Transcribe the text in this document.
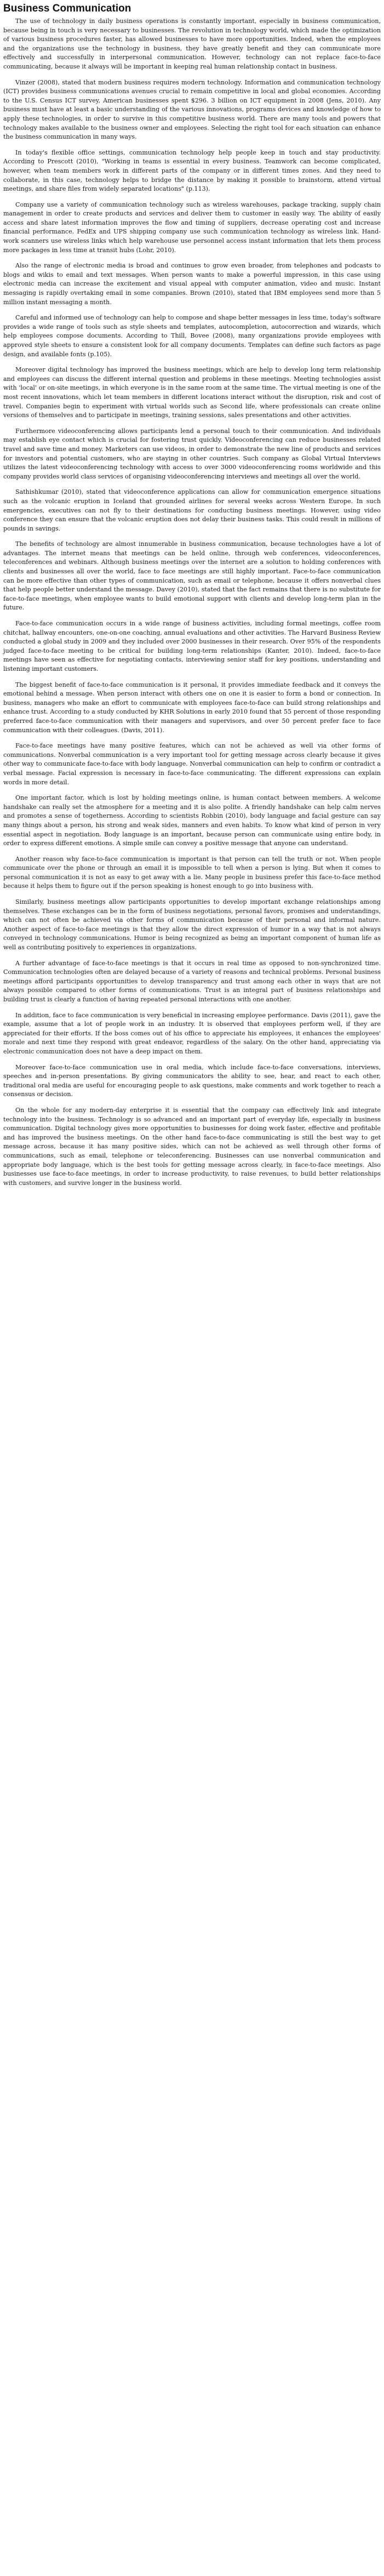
Business Communication

The use of technology in daily business operations is constantly important, especially in business communication, because being in touch is very necessary to businesses. The revolution in technology world, which made the optimization of various business procedures faster, has allowed businesses to have more opportunities. Indeed, when the employees and the organizations use the technology in business, they have greatly benefit and they can communicate more effectively and successfully in interpersonal communication. However, technology can not replace face-to-face communicating, because it always will be important in keeping real human relationship contact in business.

Vinzer (2008), stated that modern business requires modern technology. Information and communication technology (ICT) provides business communications avenues crucial to remain competitive in local and global economies. According to the U.S. Census ICT survey, American businesses spent $296. 3 billion on ICT equipment in 2008 (Jens, 2010). Any business must have at least a basic understanding of the various innovations, programs devices and knowledge of how to apply these technologies, in order to survive in this competitive business world. There are many tools and powers that technology makes available to the business owner and employees. Selecting the right tool for each situation can enhance the business communication in many ways.

In today's flexible office settings, communication technology help people keep in touch and stay productivity. According to Prescott (2010), "Working in teams is essential in every business. Teamwork can become complicated, however, when team members work in different parts of the company or in different times zones. And they need to collaborate, in this case, technology helps to bridge the distance by making it possible to brainstorm, attend virtual meetings, and share files from widely separated locations" (p.113).

Company use a variety of communication technology such as wireless warehouses, package tracking, supply chain management in order to create products and services and deliver them to customer in easily way. The ability of easily access and share latest information improves the flow and timing of suppliers, decrease operating cost and increase financial performance. FedEx and UPS shipping company use such communication technology as wireless link. Hand-work scanners use wireless links which help warehouse use personnel access instant information that lets them process more packages in less time at transit hubs (Lohr, 2010).

Also the range of electronic media is broad and continues to grow even broader, from telephones and podcasts to blogs and wikis to email and text messages. When person wants to make a powerful impression, in this case using electronic media can increase the excitement and visual appeal with computer animation, video and music. Instant messaging is rapidly overtaking email in some companies. Brown (2010), stated that IBM employees send more than 5 million instant messaging a month.

Careful and informed use of technology can help to compose and shape better messages in less time, today's software provides a wide range of tools such as style sheets and templates, autocompletion, autocorrection and wizards, which help employees compose documents. According to Thill, Bovee (2008), many organizations provide employees with approved style sheets to ensure a consistent look for all company documents. Templates can define such factors as page design, and available fonts (p.105).

Moreover digital technology has improved the business meetings, which are help to develop long term relationship and employees can discuss the different internal question and problems in these meetings. Meeting technologies assist with 'local' or on-site meetings, in which everyone is in the same room at the same time. The virtual meeting is one of the most recent innovations, which let team members in different locations interact without the disruption, risk and cost of travel. Companies begin to experiment with virtual worlds such as Second life, where professionals can create online versions of themselves and to participate in meetings, training sessions, sales presentations and other activities.

Furthermore videoconferencing allows participants lend a personal touch to their communication. And individuals may establish eye contact which is crucial for fostering trust quickly. Videoconferencing can reduce businesses related travel and save time and money. Marketers can use videos, in order to demonstrate the new line of products and services for investors and potential customers, who are staying in other countries. Such company as Global Virtual Interviews utilizes the latest videoconferencing technology with access to over 3000 videoconferencing rooms worldwide and this company provides world class services of organising videoconferencing interviews and meetings all over the world.

Sathishkumar (2010), stated that videoconference applications can allow for communication emergence situations such as the volcanic eruption in Iceland that grounded airlines for several weeks across Western Europe. In such emergencies, executives can not fly to their destinations for conducting business meetings. However, using video conference they can ensure that the volcanic eruption does not delay their business tasks. This could result in millions of pounds in savings.

The benefits of technology are almost innumerable in business communication, because technologies have a lot of advantages. The internet means that meetings can be held online, through web conferences, videoconferences, teleconferences and webinars. Although business meetings over the internet are a solution to holding conferences with clients and businesses all over the world, face to face meetings are still highly important. Face-to-face communication can be more effective than other types of communication, such as email or telephone, because it offers nonverbal clues that help people better understand the message. Davey (2010), stated that the fact remains that there is no substitute for face-to-face meetings, when employee wants to build emotional support with clients and develop long-term plan in the future.

Face-to-face communication occurs in a wide range of business activities, including formal meetings, coffee room chitchat, hallway encounters, one-on-one coaching, annual evaluations and other activities. The Harvard Business Review conducted a global study in 2009 and they included over 2000 businesses in their research. Over 95% of the respondents judged face-to-face meeting to be critical for building long-term relationships (Kanter, 2010). Indeed, face-to-face meetings have seen as effective for negotiating contacts, interviewing senior staff for key positions, understanding and listening important customers.

The biggest benefit of face-to-face communication is it personal, it provides immediate feedback and it conveys the emotional behind a message. When person interact with others one on one it is easier to form a bond or connection. In business, managers who make an effort to communicate with employees face-to-face can build strong relationships and enhance trust. According to a study conducted by KHR Solutions in early 2010 found that 55 percent of those responding preferred face-to-face communication with their managers and supervisors, and over 50 percent prefer face to face communication with their colleagues. (Davis, 2011).

Face-to-face meetings have many positive features, which can not be achieved as well via other forms of communications. Nonverbal communication is a very important tool for getting message across clearly because it gives other way to communicate face-to-face with body language. Nonverbal communication can help to confirm or contradict a verbal message. Facial expression is necessary in face-to-face communicating. The different expressions can explain words in more detail.

One important factor, which is lost by holding meetings online, is human contact between members. A welcome handshake can really set the atmosphere for a meeting and it is also polite. A friendly handshake can help calm nerves and promotes a sense of togetherness. According to scientists Robbin (2010), body language and facial gesture can say many things about a person, his strong and weak sides, manners and even habits. To know what kind of person in very essential aspect in negotiation. Body language is an important, because person can communicate using entire body, in order to express different emotions. A simple smile can convey a positive message that anyone can understand.

Another reason why face-to-face communication is important is that person can tell the truth or not. When people communicate over the phone or through an email it is impossible to tell when a person is lying. But when it comes to personal communication it is not as easy to get away with a lie. Many people in business prefer this face-to-face method because it helps them to figure out if the person speaking is honest enough to go into business with.

Similarly, business meetings allow participants opportunities to develop important exchange relationships among themselves. These exchanges can be in the form of business negotiations, personal favors, promises and understandings, which can not often be achieved via other forms of communication because of their personal and informal nature. Another aspect of face-to-face meetings is that they allow the direct expression of humor in a way that is not always conveyed in technology communications. Humor is being recognized as being an important component of human life as well as contributing positively to experiences in organizations.

A further advantage of face-to-face meetings is that it occurs in real time as opposed to non-synchronized time. Communication technologies often are delayed because of a variety of reasons and technical problems. Personal business meetings afford participants opportunities to develop transparency and trust among each other in ways that are not always possible compared to other forms of communications. Trust is an integral part of business relationships and building trust is clearly a function of having repeated personal interactions with one another.

In addition, face to face communication is very beneficial in increasing employee performance. Davis (2011), gave the example, assume that a lot of people work in an industry. It is observed that employees perform well, if they are appreciated for their efforts. If the boss comes out of his office to appreciate his employees, it enhances the employees' morale and next time they respond with great endeavor, regardless of the salary. On the other hand, appreciating via electronic communication does not have a deep impact on them.

Moreover face-to-face communication use in oral media, which include face-to-face conversations, interviews, speeches and in-person presentations. By giving communicators the ability to see, hear, and react to each other, traditional oral media are useful for encouraging people to ask questions, make comments and work together to reach a consensus or decision.

On the whole for any modern-day enterprise it is essential that the company can effectively link and integrate technology into the business. Technology is so advanced and an important part of everyday life, especially in business communication. Digital technology gives more opportunities to businesses for doing work faster, effective and profitable and has improved the business meetings. On the other hand face-to-face communicating is still the best way to get message across, because it has many positive sides, which can not be achieved as well through other forms of communications, such as email, telephone or teleconferencing. Businesses can use nonverbal communication and appropriate body language, which is the best tools for getting message across clearly, in face-to-face meetings. Also businesses use face-to-face meetings, in order to increase productivity, to raise revenues, to build better relationships with customers, and survive longer in the business world.
